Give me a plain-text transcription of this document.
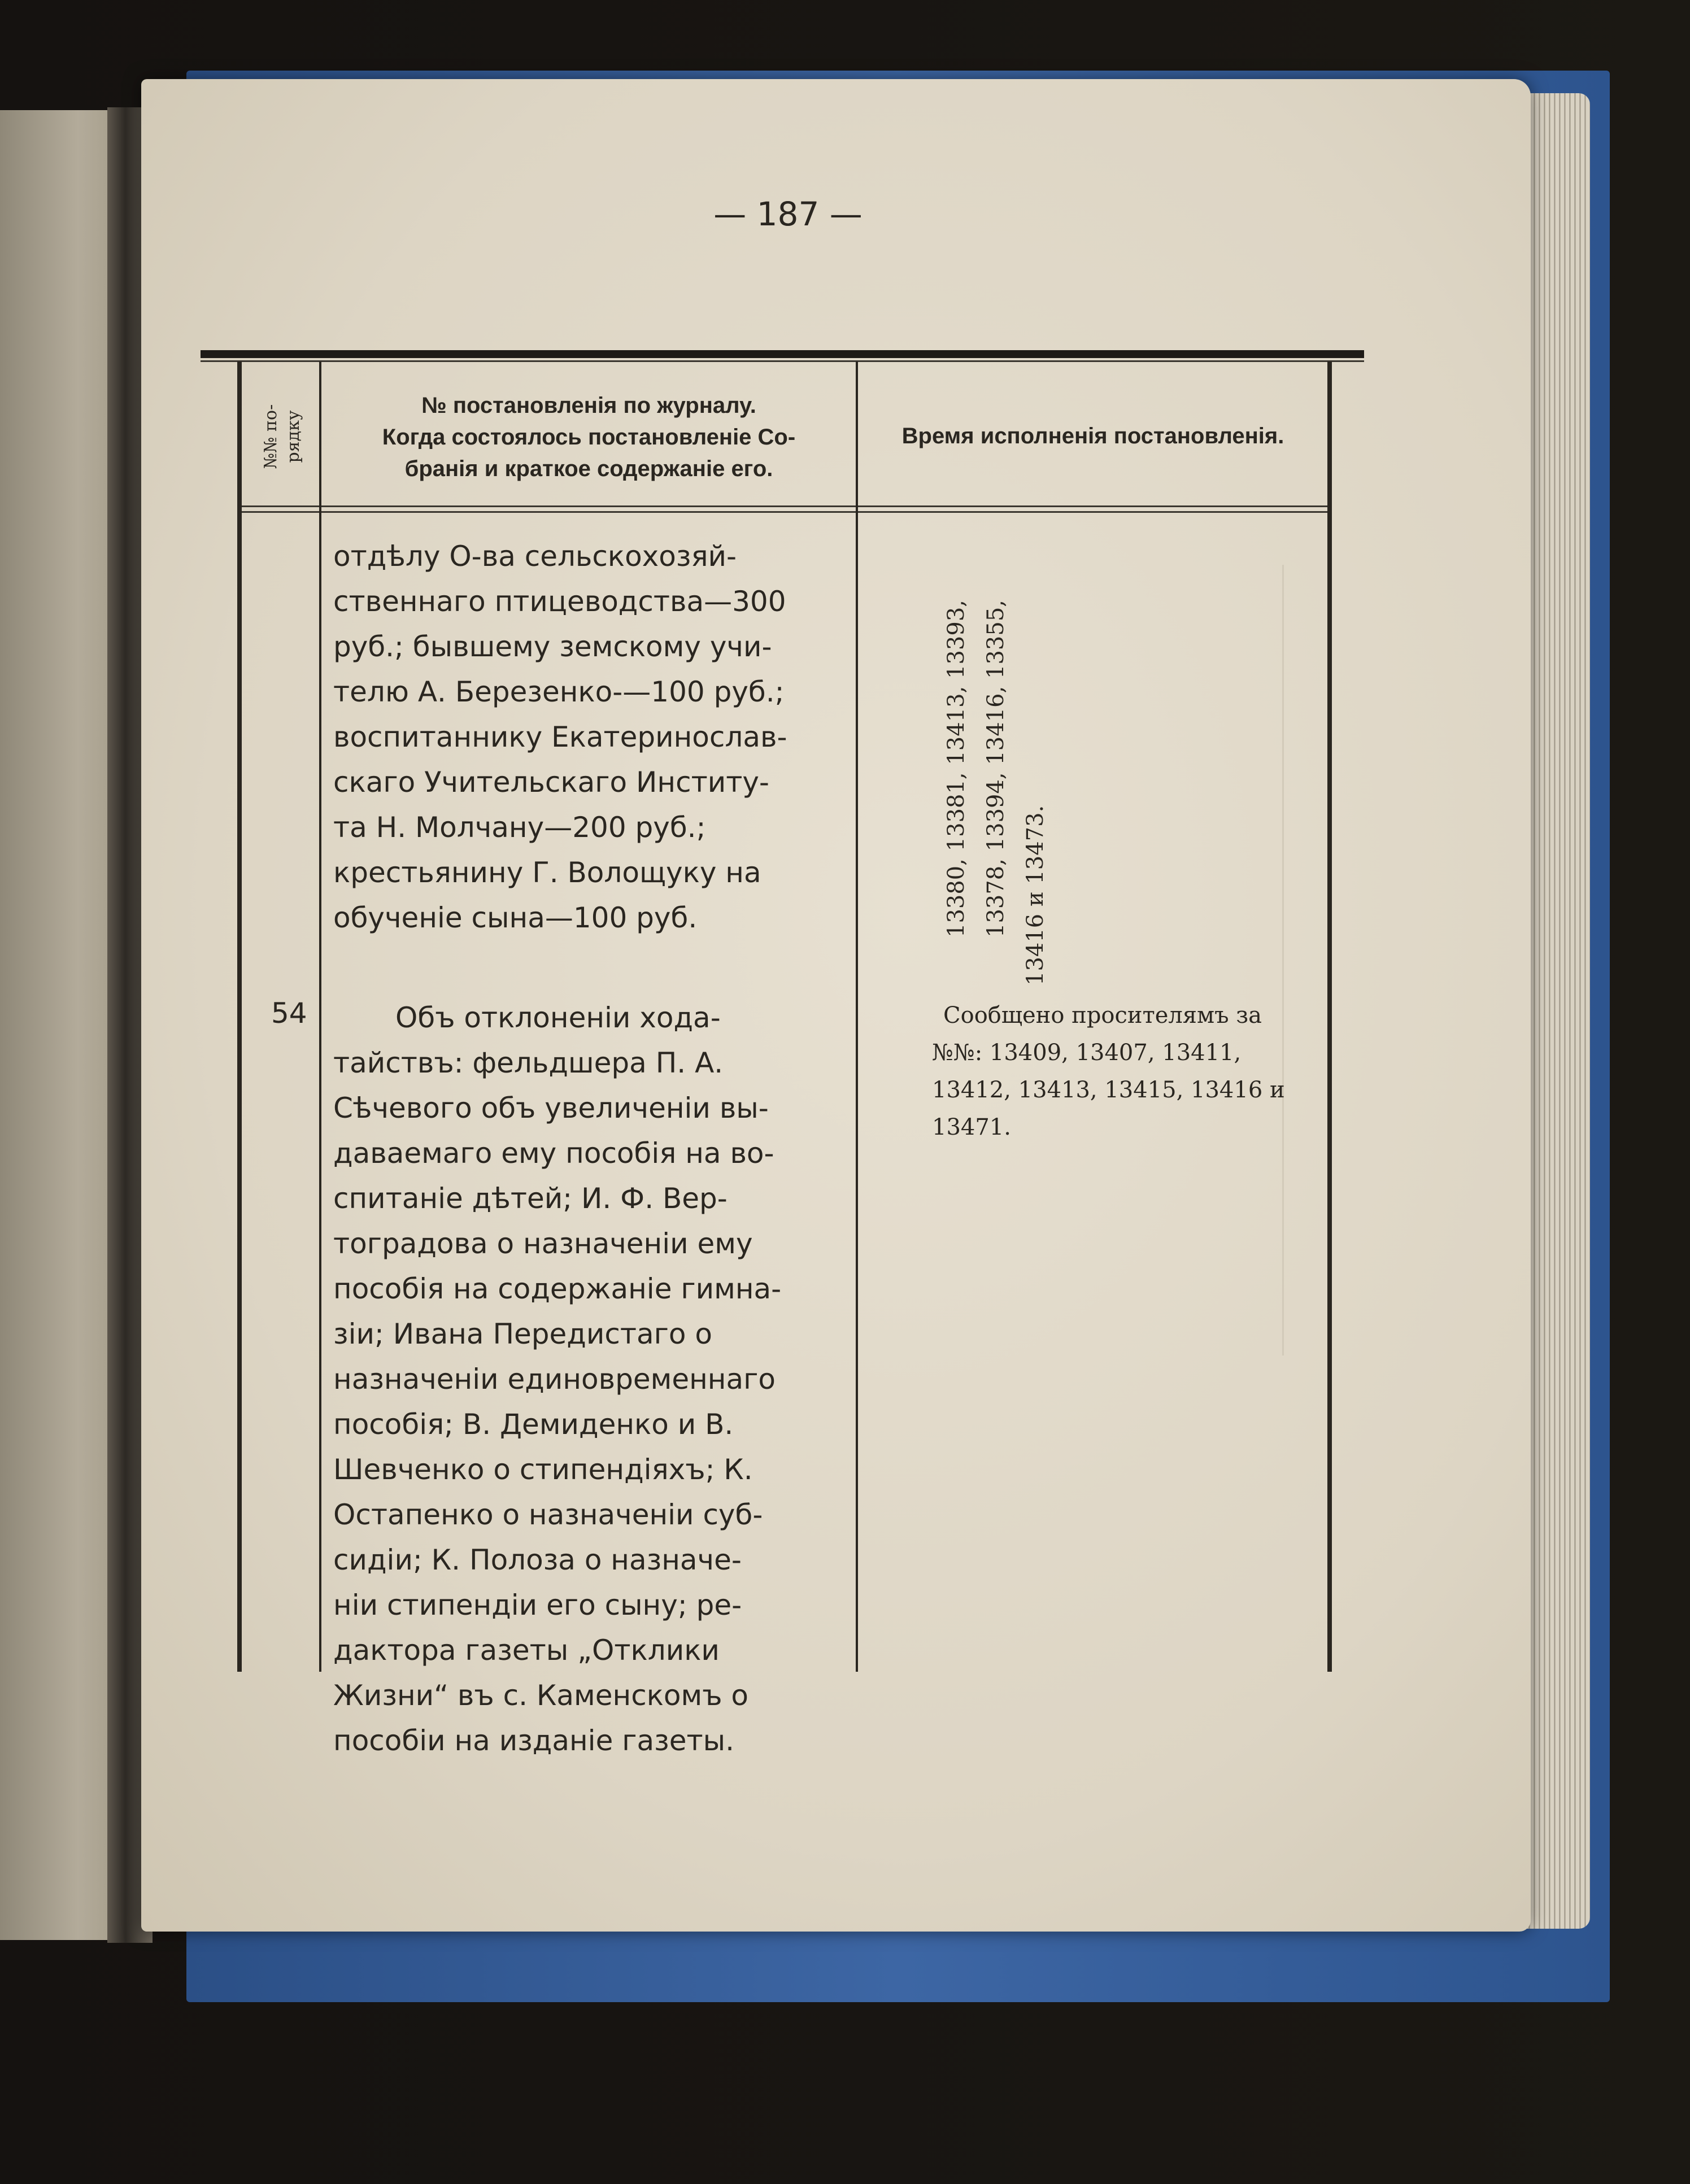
— 187 —
№№ по- рядку
№ постановленія по журналу.
Когда состоялось постановленіе Со-
бранія и краткое содержаніе его.
Время исполненія постановленія.
отдѣлу О-ва сельскохозяй-
ственнаго птицеводства—300
руб.; бывшему земскому учи-
телю А. Березенко-—100 руб.;
воспитаннику Екатеринослав-
скаго Учительскаго Институ-
та Н. Молчану—200 руб.;
крестьянину Г. Волощуку на
обученіе сына—100 руб.	13380, 13381, 13413, 13393, 13378, 13394, 13416, 13355, 13416 и 13473.
54	Объ отклоненіи хода-
тайствъ: фельдшера П. А.
Сѣчевого объ увеличеніи вы-
даваемаго ему пособія на во-
спитаніе дѣтей; И. Ф. Вер-
тоградова о назначеніи ему
пособія на содержаніе гимна-
зіи; Ивана Передистаго о
назначеніи единовременнаго
пособія; В. Демиденко и В.
Шевченко о стипендіяхъ; К.
Остапенко о назначеніи суб-
сидіи; К. Полоза о назначе-
ніи стипендіи его сыну; ре-
дактора газеты „Отклики
Жизни“ въ с. Каменскомъ о
пособіи на изданіе газеты.
Сообщено просителямъ за
№№: 13409, 13407, 13411,
13412, 13413, 13415, 13416 и
13471.
